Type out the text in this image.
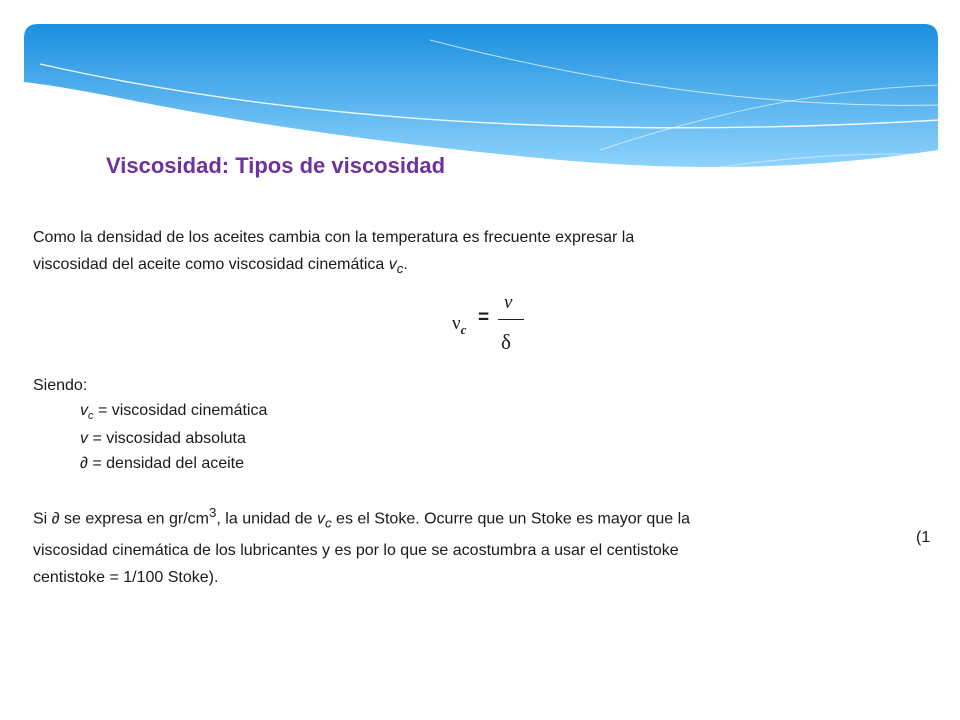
Viscosidad: Tipos de viscosidad
Como la densidad de los aceites cambia con la temperatura es frecuente expresar la
viscosidad del aceite como viscosidad cinemática $v_c$.
$\nu_c$
=
ν
δ
Siendo:
$v_c$ = viscosidad cinemática
v = viscosidad absoluta
∂ = densidad del aceite
Si ∂ se expresa en $gr/cm^3$, la unidad de $v_c$ es el Stoke. Ocurre que un Stoke es mayor que la
viscosidad cinemática de los lubricantes y es por lo que se acostumbra a usar el centistoke
centistoke = 1/100 Stoke).
(1
